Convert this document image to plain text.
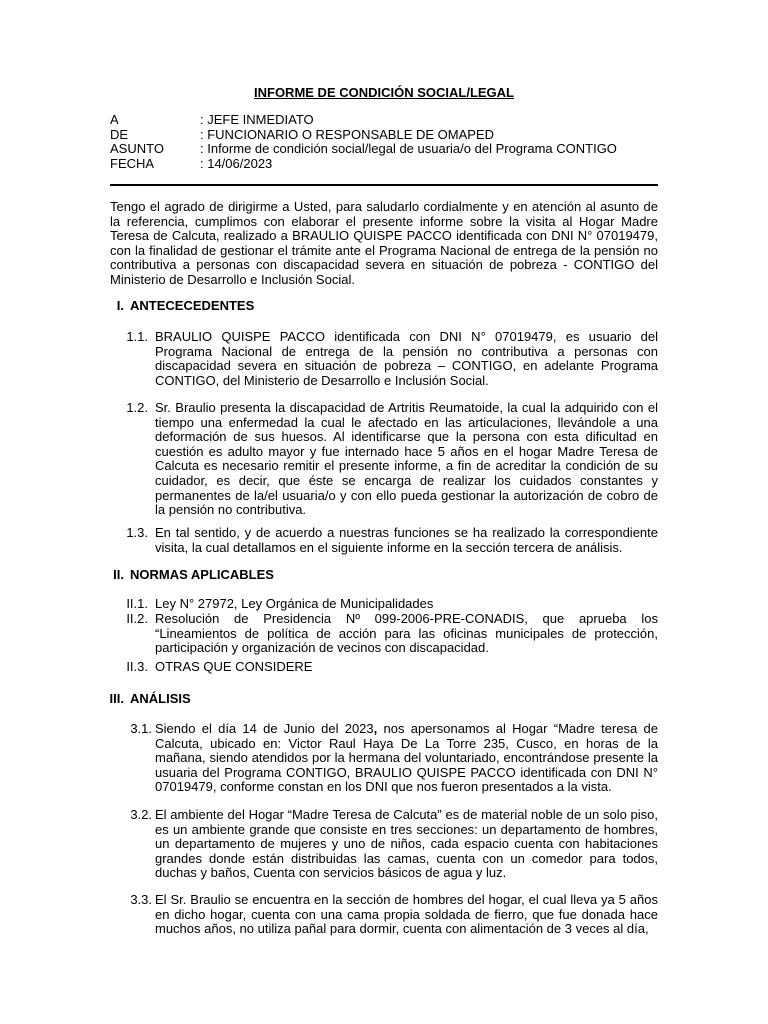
INFORME DE CONDICIÓN SOCIAL/LEGAL
A	: JEFE INMEDIATO
DE	: FUNCIONARIO O RESPONSABLE DE OMAPED
ASUNTO	: Informe de condición social/legal de usuaria/o del Programa CONTIGO
FECHA	: 14/06/2023
Tengo el agrado de dirigirme a Usted, para saludarlo cordialmente y en atención al asunto de la referencia, cumplimos con elaborar el presente informe sobre la visita al Hogar Madre Teresa de Calcuta, realizado a BRAULIO QUISPE PACCO identificada con DNI N° 07019479, con la finalidad de gestionar el trámite ante el Programa Nacional de entrega de la pensión no contributiva a personas con discapacidad severa en situación de pobreza - CONTIGO del Ministerio de Desarrollo e Inclusión Social.
I. ANTECECEDENTES
1.1. BRAULIO QUISPE PACCO identificada con DNI N° 07019479, es usuario del Programa Nacional de entrega de la pensión no contributiva a personas con discapacidad severa en situación de pobreza – CONTIGO, en adelante Programa CONTIGO, del Ministerio de Desarrollo e Inclusión Social.
1.2. Sr. Braulio presenta la discapacidad de Artritis Reumatoide, la cual la adquirido con el tiempo una enfermedad la cual le afectado en las articulaciones, llevándole a una deformación de sus huesos. Al identificarse que la persona con esta dificultad en cuestión es adulto mayor y fue internado hace 5 años en el hogar Madre Teresa de Calcuta es necesario remitir el presente informe, a fin de acreditar la condición de su cuidador, es decir, que éste se encarga de realizar los cuidados constantes y permanentes de la/el usuaria/o y con ello pueda gestionar la autorización de cobro de la pensión no contributiva.
1.3. En tal sentido, y de acuerdo a nuestras funciones se ha realizado la correspondiente visita, la cual detallamos en el siguiente informe en la sección tercera de análisis.
II. NORMAS APLICABLES
II.1. Ley N° 27972, Ley Orgánica de Municipalidades
II.2. Resolución de Presidencia Nº 099-2006-PRE-CONADIS, que aprueba los “Lineamientos de política de acción para las oficinas municipales de protección, participación y organización de vecinos con discapacidad.
II.3. OTRAS QUE CONSIDERE
III. ANÁLISIS
3.1. Siendo el día 14 de Junio del 2023, nos apersonamos al Hogar “Madre teresa de Calcuta, ubicado en: Victor Raul Haya De La Torre 235, Cusco, en horas de la mañana, siendo atendidos por la hermana del voluntariado, encontrándose presente la usuaria del Programa CONTIGO, BRAULIO QUISPE PACCO identificada con DNI N° 07019479, conforme constan en los DNI que nos fueron presentados a la vista.
3.2. El ambiente del Hogar “Madre Teresa de Calcuta” es de material noble de un solo piso, es un ambiente grande que consiste en tres secciones: un departamento de hombres, un departamento de mujeres y uno de niños, cada espacio cuenta con habitaciones grandes donde están distribuidas las camas, cuenta con un comedor para todos, duchas y baños, Cuenta con servicios básicos de agua y luz.
3.3. El Sr. Braulio se encuentra en la sección de hombres del hogar, el cual lleva ya 5 años en dicho hogar, cuenta con una cama propia soldada de fierro, que fue donada hace muchos años, no utiliza pañal para dormir, cuenta con alimentación de 3 veces al día,
